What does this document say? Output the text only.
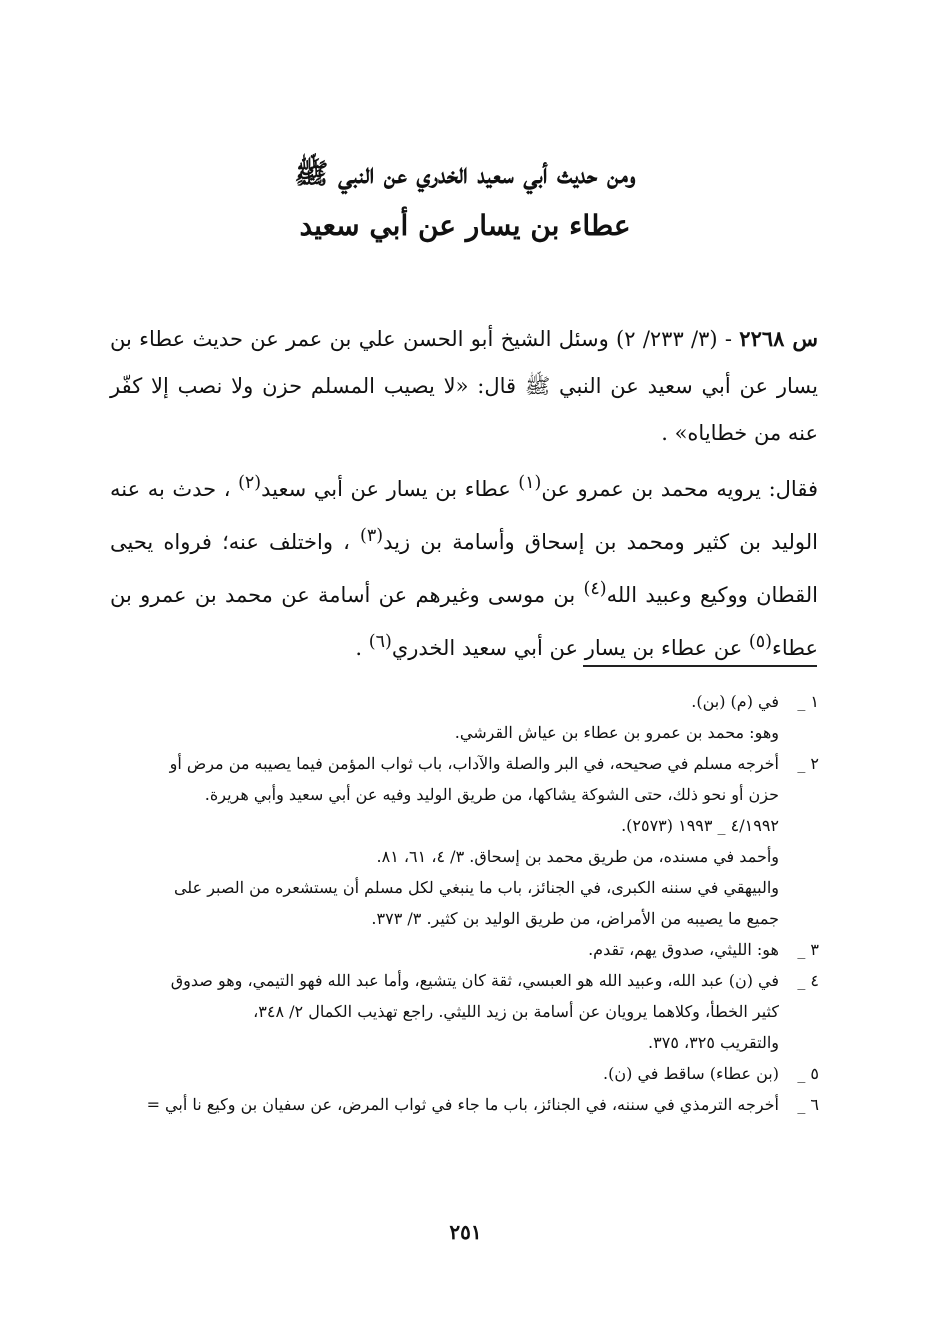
ومن حديث أبي سعيد الخدري عن النبي ﷺ
عطاء بن يسار عن أبي سعيد
س ٢٢٦٨ - (٣/ ٢٣٣/ ٢) وسئل الشيخ أبو الحسن علي بن عمر عن حديث عطاء بن يسار عن أبي سعيد عن النبي ﷺ قال: «لا يصيب المسلم حزن ولا نصب إلا كفّر عنه من خطاياه» .
فقال: يرويه محمد بن عمرو عن$^{(١)}$ عطاء بن يسار عن أبي سعيد$^{(٢)}$ ، حدث به عنه الوليد بن كثير ومحمد بن إسحاق وأسامة بن زيد$^{(٣)}$ ، واختلف عنه؛ فرواه يحيى القطان ووكيع وعبيد الله$^{(٤)}$ بن موسى وغيرهم عن أسامة عن محمد بن عمرو بن عطاء$^{(٥)}$ عن عطاء بن يسار عن أبي سعيد الخدري$^{(٦)}$ .
١ _
في (م) (بن).
وهو: محمد بن عمرو بن عطاء بن عياش القرشي.
٢ _
أخرجه مسلم في صحيحه، في البر والصلة والآداب، باب ثواب المؤمن فيما يصيبه من مرض أو
حزن أو نحو ذلك، حتى الشوكة يشاكها، من طريق الوليد وفيه عن أبي سعيد وأبي هريرة.
٤/١٩٩٢ _ ١٩٩٣ (٢٥٧٣).
وأحمد في مسنده، من طريق محمد بن إسحاق. ٣/ ٤، ٦١، ٨١.
والبيهقي في سننه الكبرى، في الجنائز، باب ما ينبغي لكل مسلم أن يستشعره من الصبر على
جميع ما يصيبه من الأمراض، من طريق الوليد بن كثير. ٣/ ٣٧٣.
٣ _
هو: الليثي، صدوق يهم، تقدم.
٤ _
في (ن) عبد الله، وعبيد الله هو العبسي، ثقة كان يتشيع، وأما عبد الله فهو التيمي، وهو صدوق
كثير الخطأ، وكلاهما يرويان عن أسامة بن زيد الليثي. راجع تهذيب الكمال ٢/ ٣٤٨،
والتقريب ٣٢٥، ٣٧٥.
٥ _
(بن عطاء) ساقط في (ن).
٦ _
أخرجه الترمذي في سننه، في الجنائز، باب ما جاء في ثواب المرض، عن سفيان بن وكيع نا أبي =
٢٥١
